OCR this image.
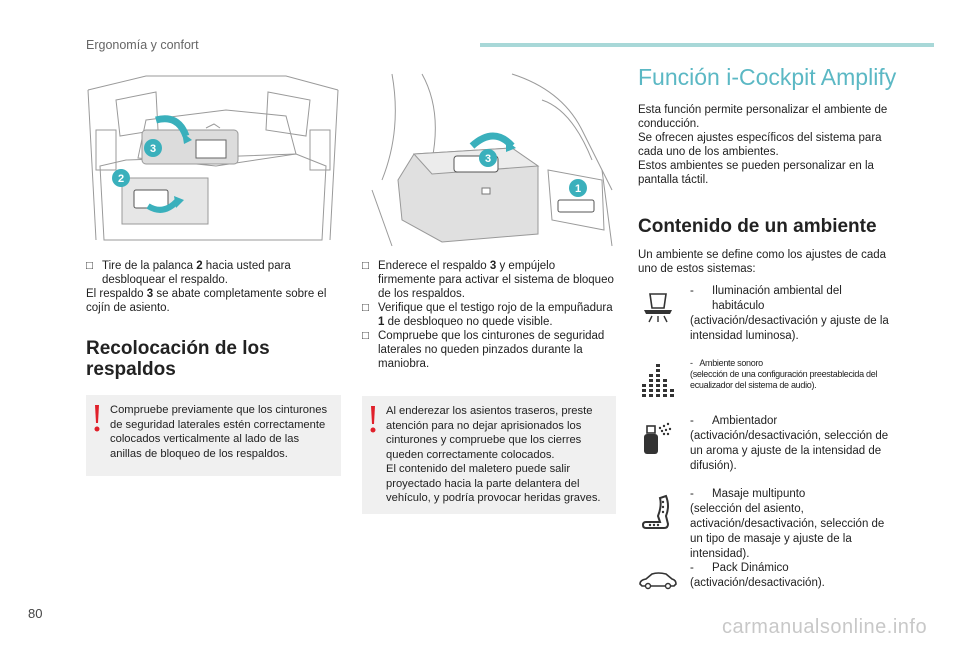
Ergonomía y confort
3
2
3
1
□ Tire de la palanca 2 hacia usted para desbloquear el respaldo.
El respaldo 3 se abate completamente sobre el cojín de asiento.
Recolocación de los respaldos
Compruebe previamente que los cinturones de seguridad laterales estén correctamente colocados verticalmente al lado de las anillas de bloqueo de los respaldos.
□ Enderece el respaldo 3 y empújelo firmemente para activar el sistema de bloqueo de los respaldos.
□ Verifique que el testigo rojo de la empuñadura 1 de desbloqueo no quede visible.
□ Compruebe que los cinturones de seguridad laterales no queden pinzados durante la maniobra.
Al enderezar los asientos traseros, preste atención para no dejar aprisionados los cinturones y compruebe que los cierres queden correctamente colocados.
El contenido del maletero puede salir proyectado hacia la parte delantera del vehículo, y podría provocar heridas graves.
Función i-Cockpit Amplify
Esta función permite personalizar el ambiente de conducción.
Se ofrecen ajustes específicos del sistema para cada uno de los ambientes.
Estos ambientes se pueden personalizar en la pantalla táctil.
Contenido de un ambiente
Un ambiente se define como los ajustes de cada uno de estos sistemas:
- Iluminación ambiental del habitáculo
(activación/desactivación y ajuste de la intensidad luminosa).
- Ambiente sonoro
(selección de una configuración preestablecida del ecualizador del sistema de audio).
- Ambientador
(activación/desactivación, selección de un aroma y ajuste de la intensidad de difusión).
- Masaje multipunto
(selección del asiento, activación/desactivación, selección de un tipo de masaje y ajuste de la intensidad).
- Pack Dinámico
(activación/desactivación).
80
carmanualsonline.info
